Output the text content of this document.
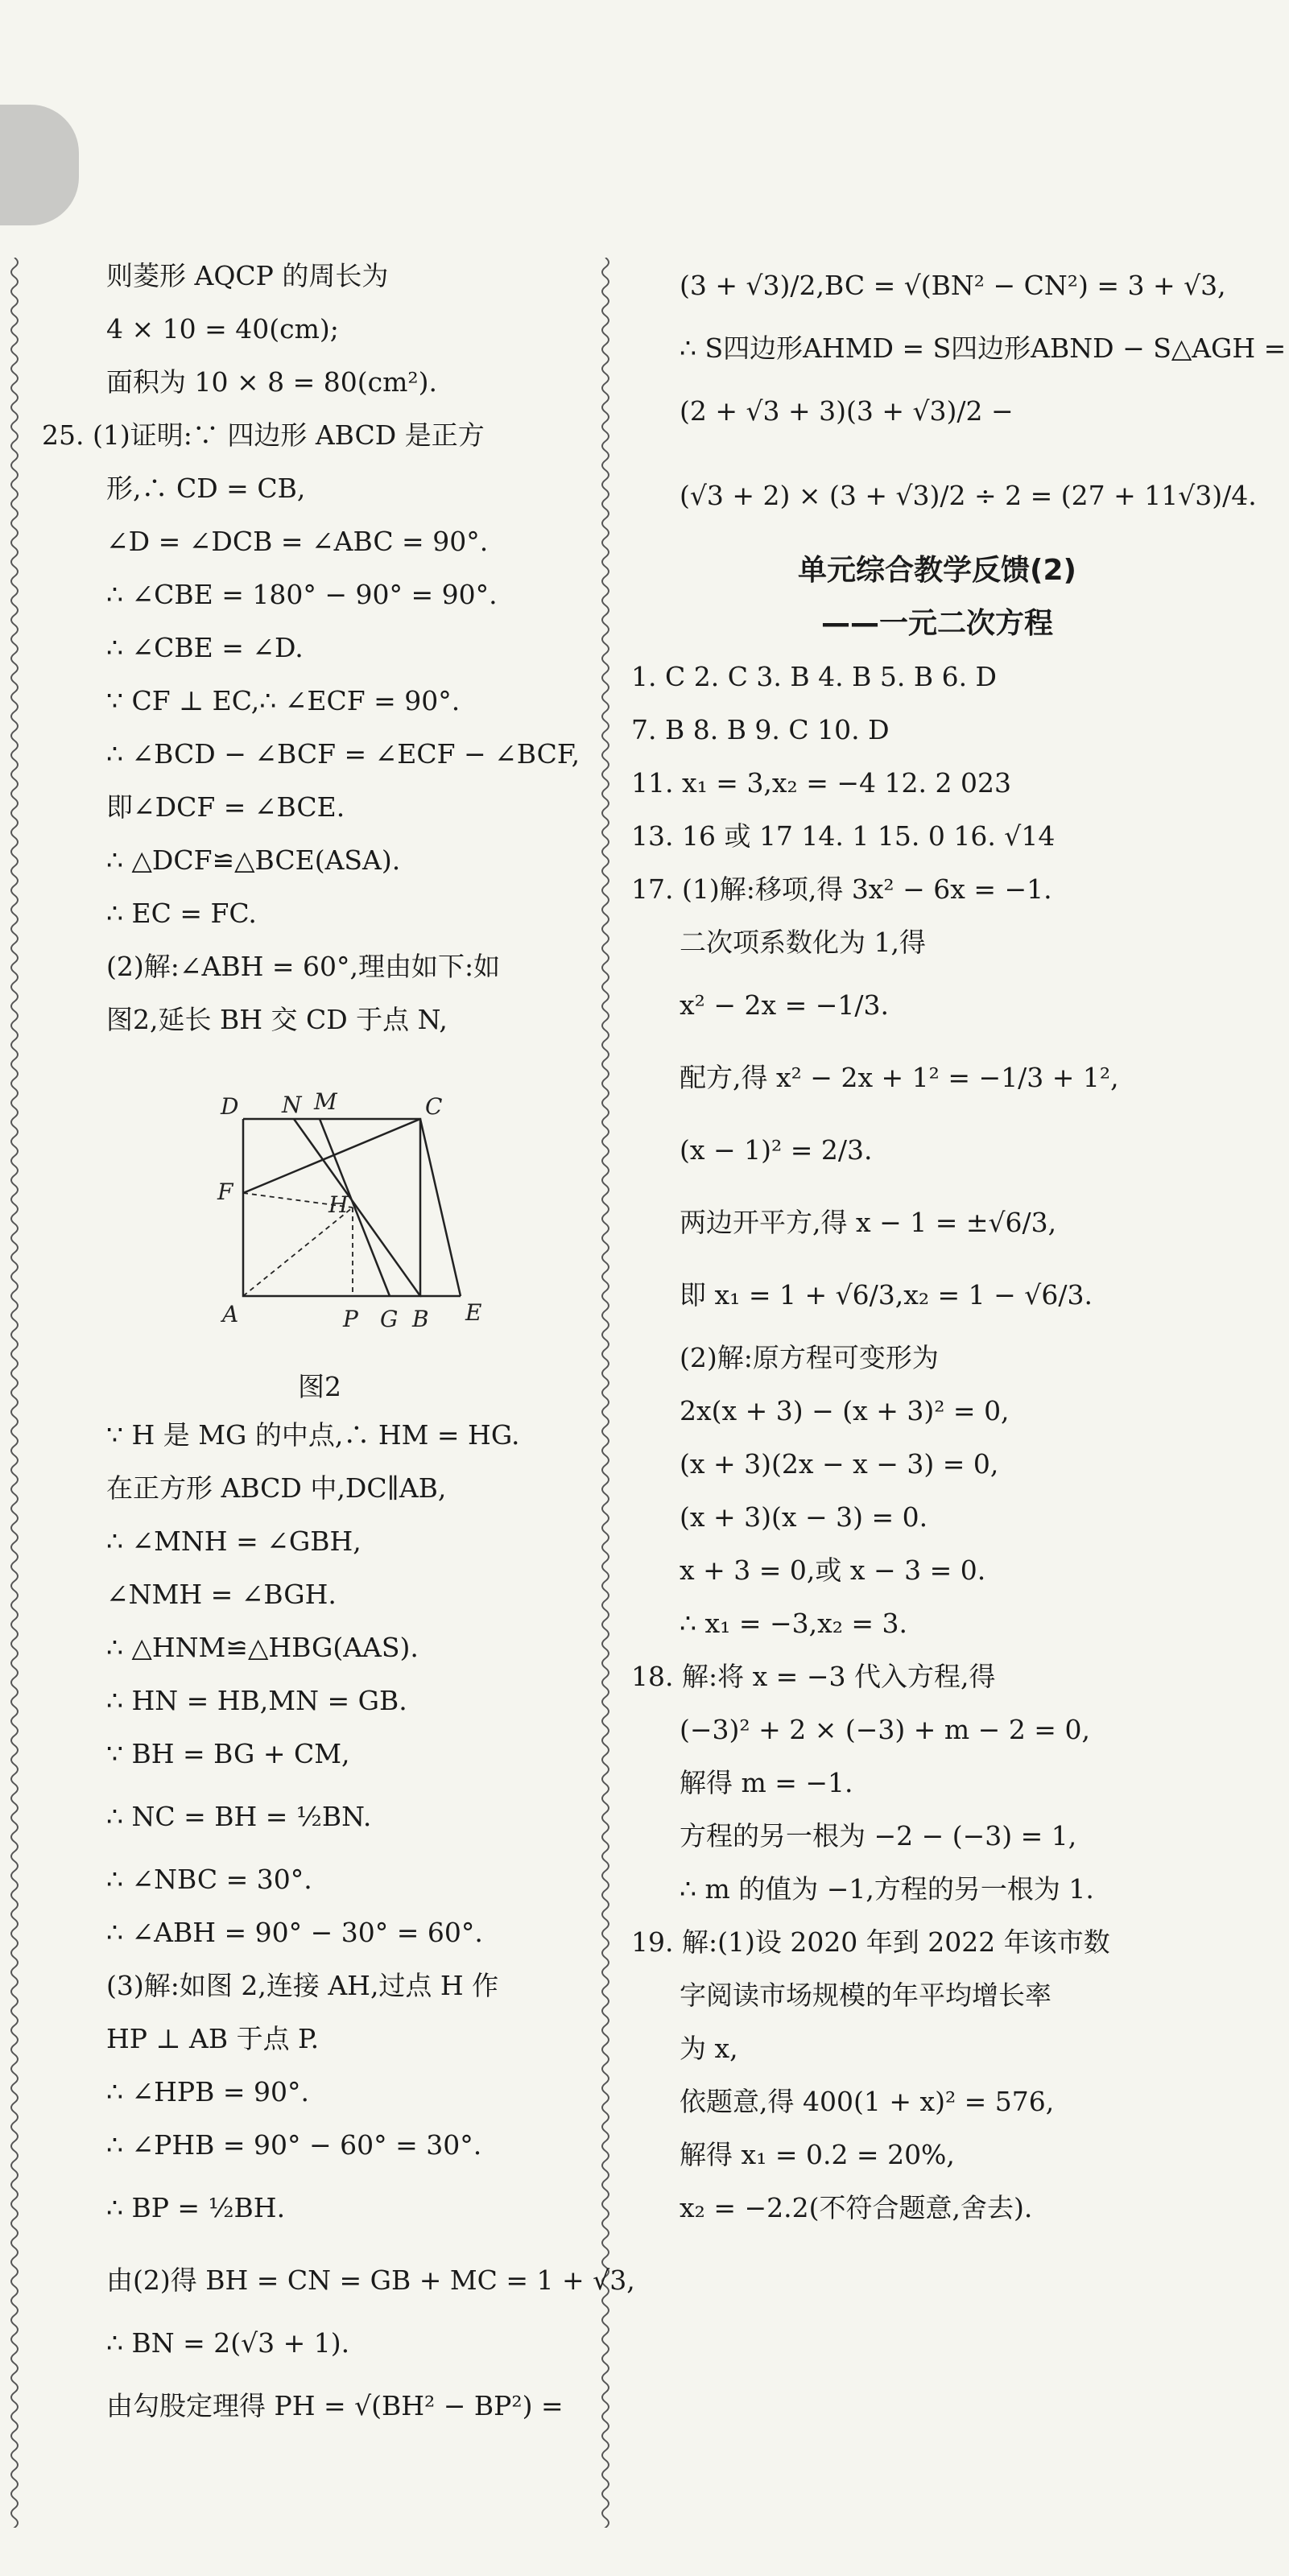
则菱形 AQCP 的周长为
4 × 10 = 40(cm);
面积为 10 × 8 = 80(cm²).
25. (1)证明:∵ 四边形 ABCD 是正方
形,∴ CD = CB,
∠D = ∠DCB = ∠ABC = 90°.
∴ ∠CBE = 180° − 90° = 90°.
∴ ∠CBE = ∠D.
∵ CF ⊥ EC,∴ ∠ECF = 90°.
∴ ∠BCD − ∠BCF = ∠ECF − ∠BCF,
即∠DCF = ∠BCE.
∴ △DCF≌△BCE(ASA).
∴ EC = FC.
(2)解:∠ABH = 60°,理由如下:如
图2,延长 BH 交 CD 于点 N,
D N M	C
F	H
A	P G B E
图2
∵ H 是 MG 的中点,∴ HM = HG.
在正方形 ABCD 中,DC∥AB,
∴ ∠MNH = ∠GBH,
∠NMH = ∠BGH.
∴ △HNM≌△HBG(AAS).
∴ HN = HB,MN = GB.
∵ BH = BG + CM,
∴ NC = BH = ½BN.
∴ ∠NBC = 30°.
∴ ∠ABH = 90° − 30° = 60°.
(3)解:如图 2,连接 AH,过点 H 作
HP ⊥ AB 于点 P.
∴ ∠HPB = 90°.
∴ ∠PHB = 90° − 60° = 30°.
∴ BP = ½BH.
由(2)得 BH = CN = GB + MC = 1 + √3,
∴ BN = 2(√3 + 1).
由勾股定理得 PH = √(BH² − BP²) =
(3 + √3)/2,BC = √(BN² − CN²) = 3 + √3,
∴ S四边形AHMD = S四边形ABND − S△AGH =
(2 + √3 + 3)(3 + √3)/2 −
(√3 + 2) × (3 + √3)/2 ÷ 2 = (27 + 11√3)/4.
单元综合教学反馈(2)
——一元二次方程
1. C 2. C 3. B 4. B 5. B 6. D
7. B 8. B 9. C 10. D
11. x₁ = 3,x₂ = −4 12. 2 023
13. 16 或 17 14. 1 15. 0 16. √14
17. (1)解:移项,得 3x² − 6x = −1.
二次项系数化为 1,得
x² − 2x = −1/3.
配方,得 x² − 2x + 1² = −1/3 + 1²,
(x − 1)² = 2/3.
两边开平方,得 x − 1 = ±√6/3,
即 x₁ = 1 + √6/3,x₂ = 1 − √6/3.
(2)解:原方程可变形为
2x(x + 3) − (x + 3)² = 0,
(x + 3)(2x − x − 3) = 0,
(x + 3)(x − 3) = 0.
x + 3 = 0,或 x − 3 = 0.
∴ x₁ = −3,x₂ = 3.
18. 解:将 x = −3 代入方程,得
(−3)² + 2 × (−3) + m − 2 = 0,
解得 m = −1.
方程的另一根为 −2 − (−3) = 1,
∴ m 的值为 −1,方程的另一根为 1.
19. 解:(1)设 2020 年到 2022 年该市数
字阅读市场规模的年平均增长率
为 x,
依题意,得 400(1 + x)² = 576,
解得 x₁ = 0.2 = 20%,
x₂ = −2.2(不符合题意,舍去).
